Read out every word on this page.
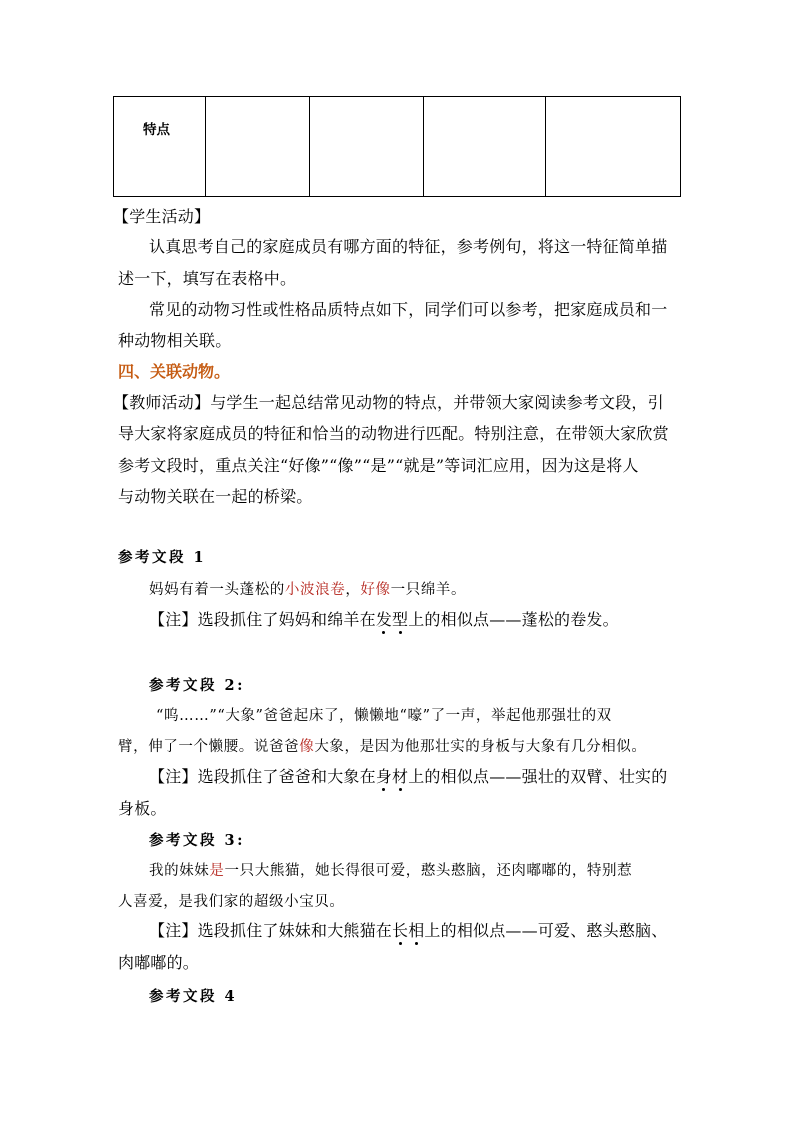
特点				
【学生活动】
认真思考自己的家庭成员有哪方面的特征，参考例句，将这一特征简单描
述一下，填写在表格中。
常见的动物习性或性格品质特点如下，同学们可以参考，把家庭成员和一
种动物相关联。
四、关联动物。
【教师活动】与学生一起总结常见动物的特点，并带领大家阅读参考文段，引
导大家将家庭成员的特征和恰当的动物进行匹配。特别注意，在带领大家欣赏
参考文段时，重点关注“好像”“像”“是”“就是”等词汇应用，因为这是将人
与动物关联在一起的桥梁。
参考文段 1
妈妈有着一头蓬松的小波浪卷，好像一只绵羊。
【注】选段抓住了妈妈和绵羊在发型上的相似点——蓬松的卷发。
参考文段 2:
“呜……”“大象”爸爸起床了，懒懒地“嚎”了一声，举起他那强壮的双
臂，伸了一个懒腰。说爸爸像大象，是因为他那壮实的身板与大象有几分相似。
【注】选段抓住了爸爸和大象在身材上的相似点——强壮的双臂、壮实的
身板。
参考文段 3:
我的妹妹是一只大熊猫，她长得很可爱，憨头憨脑，还肉嘟嘟的，特别惹
人喜爱，是我们家的超级小宝贝。
【注】选段抓住了妹妹和大熊猫在长相上的相似点——可爱、憨头憨脑、
肉嘟嘟的。
参考文段 4
